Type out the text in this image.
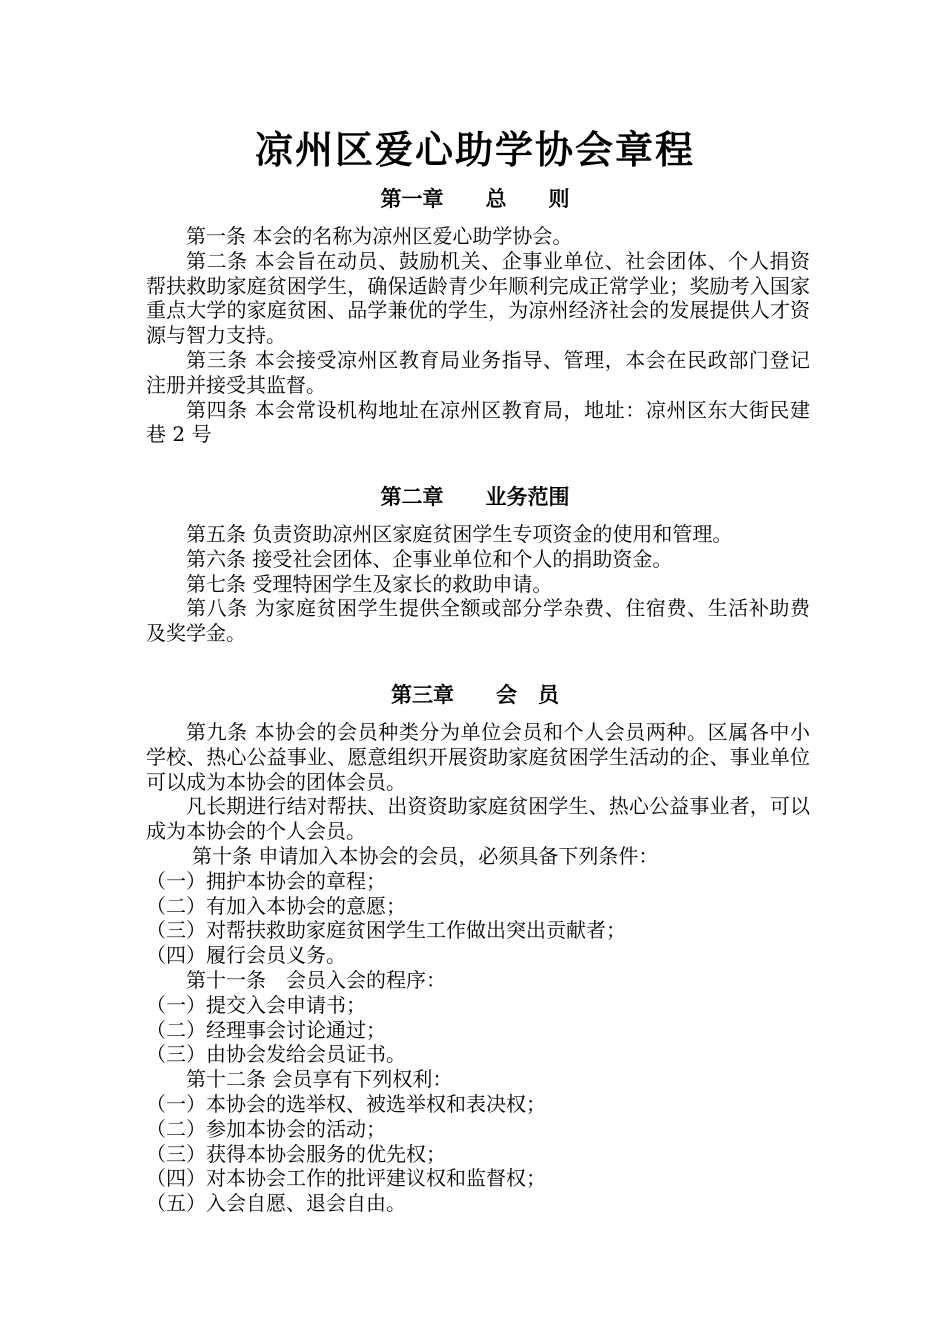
凉州区爱心助学协会章程
第一章　　总　　则

第一条 本会的名称为凉州区爱心助学协会。

第二条 本会旨在动员、鼓励机关、企事业单位、社会团体、个人捐资帮扶救助家庭贫困学生，确保适龄青少年顺利完成正常学业；奖励考入国家重点大学的家庭贫困、品学兼优的学生，为凉州经济社会的发展提供人才资源与智力支持。

第三条 本会接受凉州区教育局业务指导、管理，本会在民政部门登记注册并接受其监督。

第四条 本会常设机构地址在凉州区教育局，地址：凉州区东大街民建巷 2 号

第二章　　业务范围

第五条 负责资助凉州区家庭贫困学生专项资金的使用和管理。

第六条 接受社会团体、企事业单位和个人的捐助资金。

第七条 受理特困学生及家长的救助申请。

第八条 为家庭贫困学生提供全额或部分学杂费、住宿费、生活补助费及奖学金。

第三章　　会　员

第九条 本协会的会员种类分为单位会员和个人会员两种。区属各中小学校、热心公益事业、愿意组织开展资助家庭贫困学生活动的企、事业单位可以成为本协会的团体会员。

凡长期进行结对帮扶、出资资助家庭贫困学生、热心公益事业者，可以成为本协会的个人会员。

第十条 申请加入本协会的会员，必须具备下列条件：

（一）拥护本协会的章程；

（二）有加入本协会的意愿；

（三）对帮扶救助家庭贫困学生工作做出突出贡献者；

（四）履行会员义务。

第十一条　会员入会的程序：

（一）提交入会申请书；

（二）经理事会讨论通过；

（三）由协会发给会员证书。

第十二条 会员享有下列权利：

（一）本协会的选举权、被选举权和表决权；

（二）参加本协会的活动；

（三）获得本协会服务的优先权；

（四）对本协会工作的批评建议权和监督权；

（五）入会自愿、退会自由。
